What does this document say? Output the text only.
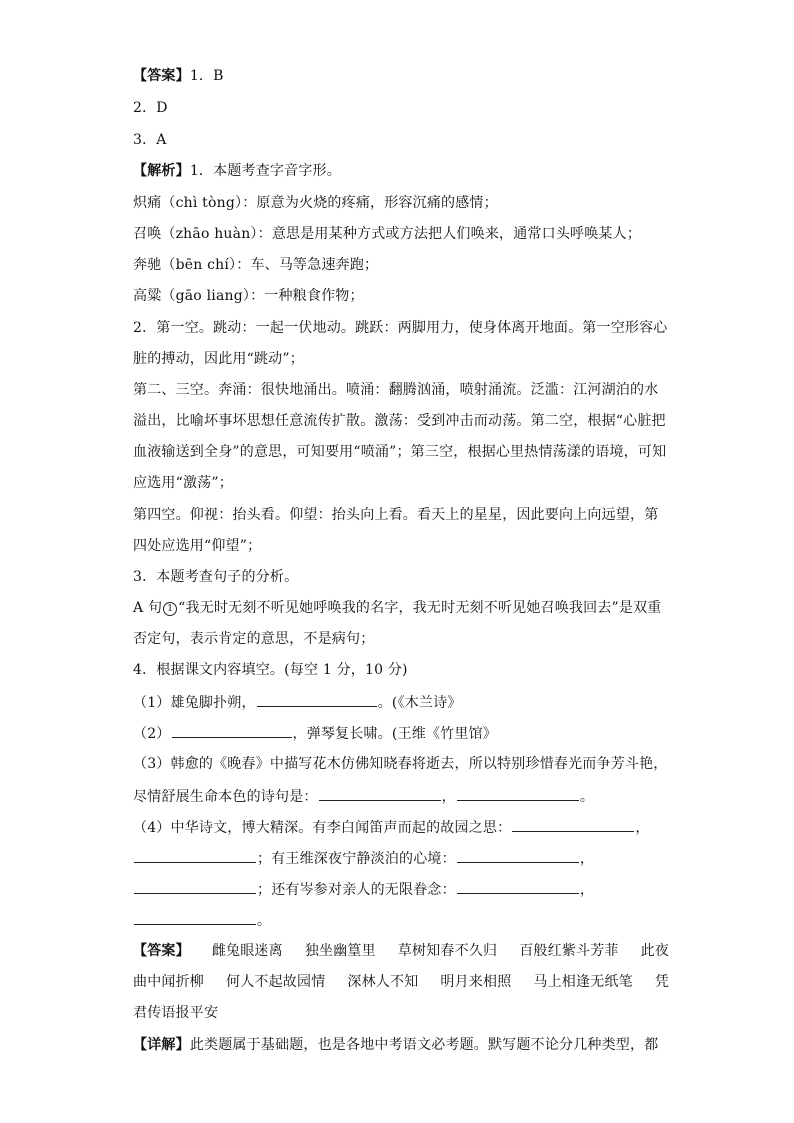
【答案】1．B
2．D
3．A
【解析】1．本题考查字音字形。
炽痛（chì tòng）：原意为火烧的疼痛，形容沉痛的感情；
召唤（zhāo huàn）：意思是用某种方式或方法把人们唤来，通常口头呼唤某人；
奔驰（bēn chí）：车、马等急速奔跑；
高粱（gāo liang）：一种粮食作物；
2．第一空。跳动：一起一伏地动。跳跃：两脚用力，使身体离开地面。第一空形容心
脏的搏动，因此用“跳动”；
第二、三空。奔涌：很快地涌出。喷涌：翻腾汹涌，喷射涌流。泛滥：江河湖泊的水
溢出，比喻坏事坏思想任意流传扩散。激荡：受到冲击而动荡。第二空，根据“心脏把
血液输送到全身”的意思，可知要用“喷涌”；第三空，根据心里热情荡漾的语境，可知
应选用“激荡”；
第四空。仰视：抬头看。仰望：抬头向上看。看天上的星星，因此要向上向远望，第
四处应选用“仰望”；
3．本题考查句子的分析。
A 句 1 “我无时无刻不听见她呼唤我的名字，我无时无刻不听见她召唤我回去”是双重
否定句，表示肯定的意思，不是病句；
4．根据课文内容填空。(每空 1 分，10 分)
（1）雄兔脚扑朔，	。(《木兰诗》
（2）	，弹琴复长啸。(王维《竹里馆》
（3）韩愈的《晚春》中描写花木仿佛知晓春将逝去，所以特别珍惜春光而争芳斗艳，
尽情舒展生命本色的诗句是：	，	。
（4）中华诗文，博大精深。有李白闻笛声而起的故园之思：	，
；有王维深夜宁静淡泊的心境：	，
；还有岑参对亲人的无限眷念：	，
。
【答案】 雌兔眼迷离 独坐幽篁里 草树知春不久归 百般红紫斗芳菲 此夜
曲中闻折柳 何人不起故园情 深林人不知 明月来相照 马上相逢无纸笔 凭
君传语报平安
【详解】此类题属于基础题，也是各地中考语文必考题。默写题不论分几种类型，都
